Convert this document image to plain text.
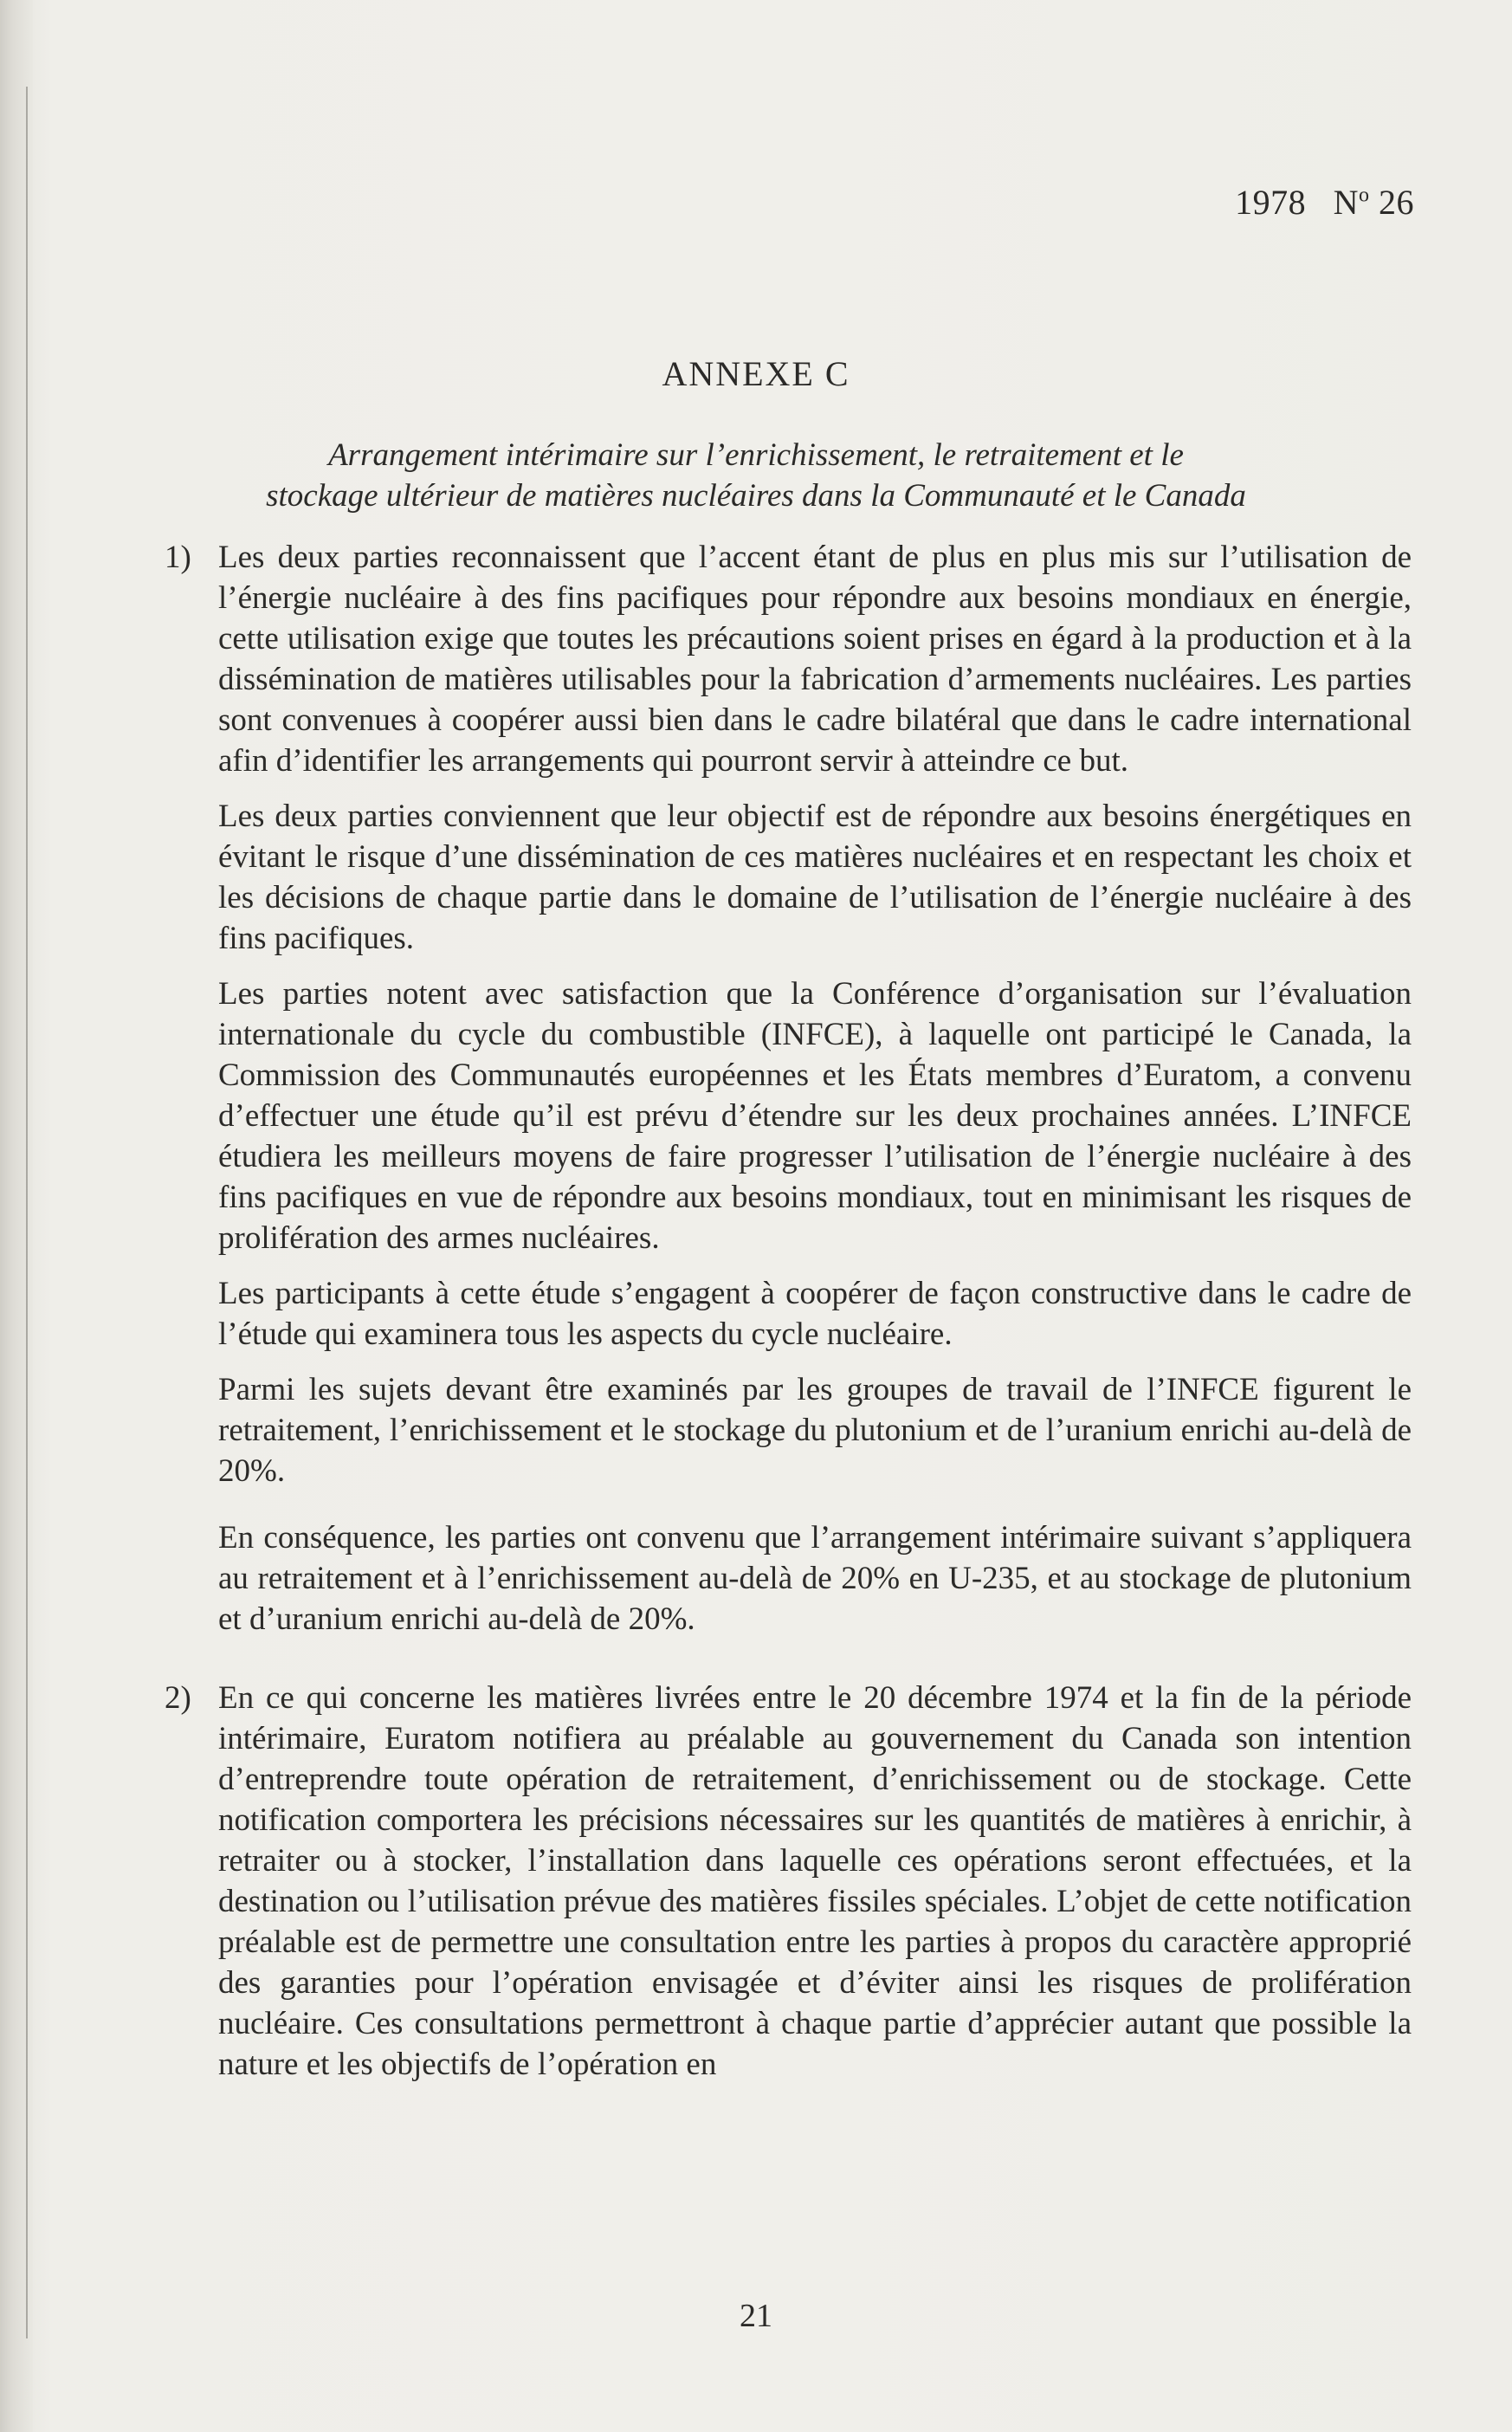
1978 $N^o$ 26
ANNEXE C
Arrangement intérimaire sur l’enrichissement, le retraitement et le
stockage ultérieur de matières nucléaires dans la Communauté et le Canada

1) Les deux parties reconnaissent que l’accent étant de plus en plus mis sur l’utilisation de l’énergie nucléaire à des fins pacifiques pour répondre aux besoins mondiaux en énergie, cette utilisation exige que toutes les précautions soient prises en égard à la production et à la dissémination de matières utilisables pour la fabrication d’armements nucléaires. Les parties sont convenues à coopérer aussi bien dans le cadre bilatéral que dans le cadre international afin d’identifier les arrangements qui pourront servir à atteindre ce but.

Les deux parties conviennent que leur objectif est de répondre aux besoins énergétiques en évitant le risque d’une dissémination de ces matières nucléaires et en respectant les choix et les décisions de chaque partie dans le domaine de l’utilisation de l’énergie nucléaire à des fins pacifiques.

Les parties notent avec satisfaction que la Conférence d’organisation sur l’évaluation internationale du cycle du combustible (INFCE), à laquelle ont participé le Canada, la Commission des Communautés européennes et les États membres d’Euratom, a convenu d’effectuer une étude qu’il est prévu d’étendre sur les deux prochaines années. L’INFCE étudiera les meilleurs moyens de faire progresser l’utilisation de l’énergie nucléaire à des fins pacifiques en vue de répondre aux besoins mondiaux, tout en minimisant les risques de prolifération des armes nucléaires.

Les participants à cette étude s’engagent à coopérer de façon constructive dans le cadre de l’étude qui examinera tous les aspects du cycle nucléaire.

Parmi les sujets devant être examinés par les groupes de travail de l’INFCE figurent le retraitement, l’enrichissement et le stockage du plutonium et de l’uranium enrichi au-delà de 20%.

En conséquence, les parties ont convenu que l’arrangement intérimaire suivant s’appliquera au retraitement et à l’enrichissement au-delà de 20% en U-235, et au stockage de plutonium et d’uranium enrichi au-delà de 20%.

2) En ce qui concerne les matières livrées entre le 20 décembre 1974 et la fin de la période intérimaire, Euratom notifiera au préalable au gouvernement du Canada son intention d’entreprendre toute opération de retraitement, d’enrichissement ou de stockage. Cette notification comportera les précisions nécessaires sur les quantités de matières à enrichir, à retraiter ou à stocker, l’installation dans laquelle ces opérations seront effectuées, et la destination ou l’utilisation prévue des matières fissiles spéciales. L’objet de cette notification préalable est de permettre une consultation entre les parties à propos du caractère approprié des garanties pour l’opération envisagée et d’éviter ainsi les risques de prolifération nucléaire. Ces consultations permettront à chaque partie d’apprécier autant que possible la nature et les objectifs de l’opération en

21
